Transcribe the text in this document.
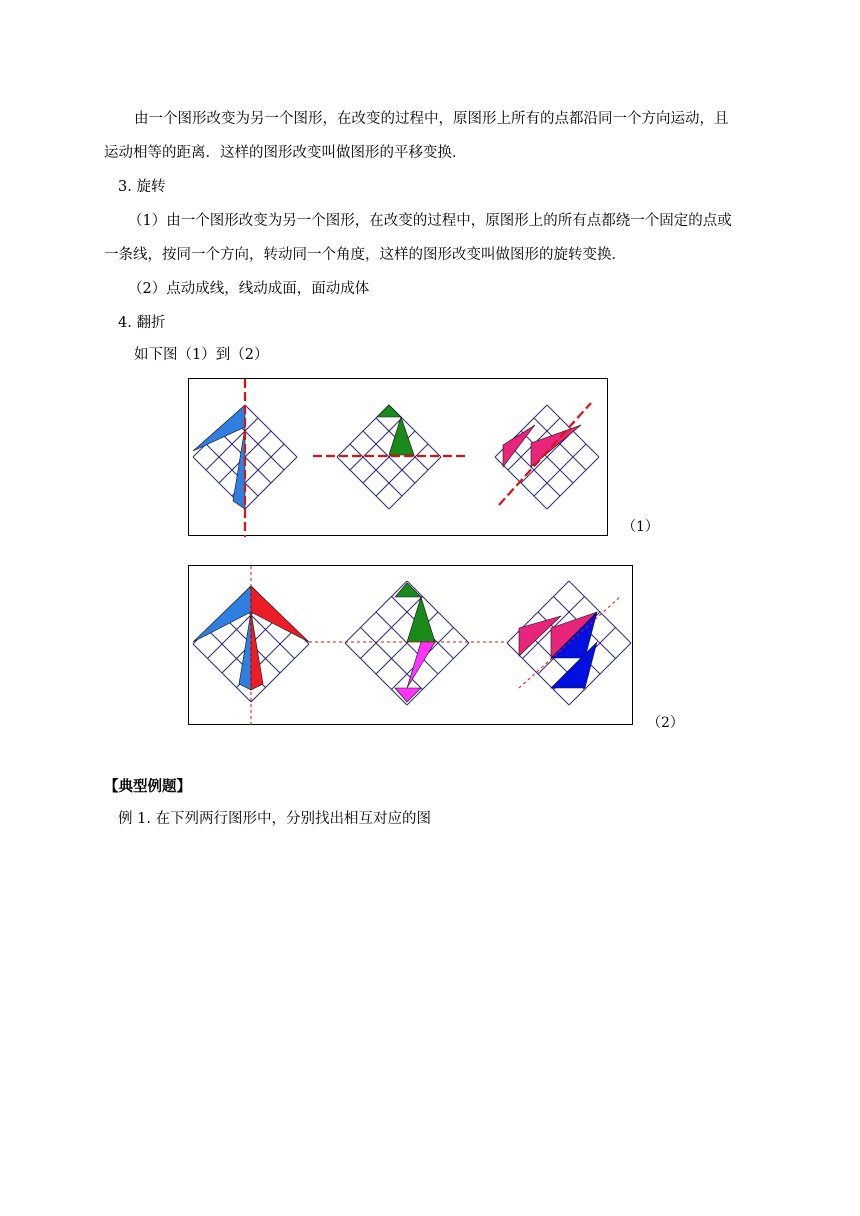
由一个图形改变为另一个图形，在改变的过程中，原图形上所有的点都沿同一个方向运动，且
运动相等的距离．这样的图形改变叫做图形的平移变换．
3. 旋转
（1）由一个图形改变为另一个图形，在改变的过程中，原图形上的所有点都绕一个固定的点或
一条线，按同一个方向，转动同一个角度，这样的图形改变叫做图形的旋转变换．
（2）点动成线，线动成面，面动成体
4. 翻折
如下图（1）到（2）
（1）
（2）
【典型例题】
例 1. 在下列两行图形中，分别找出相互对应的图
